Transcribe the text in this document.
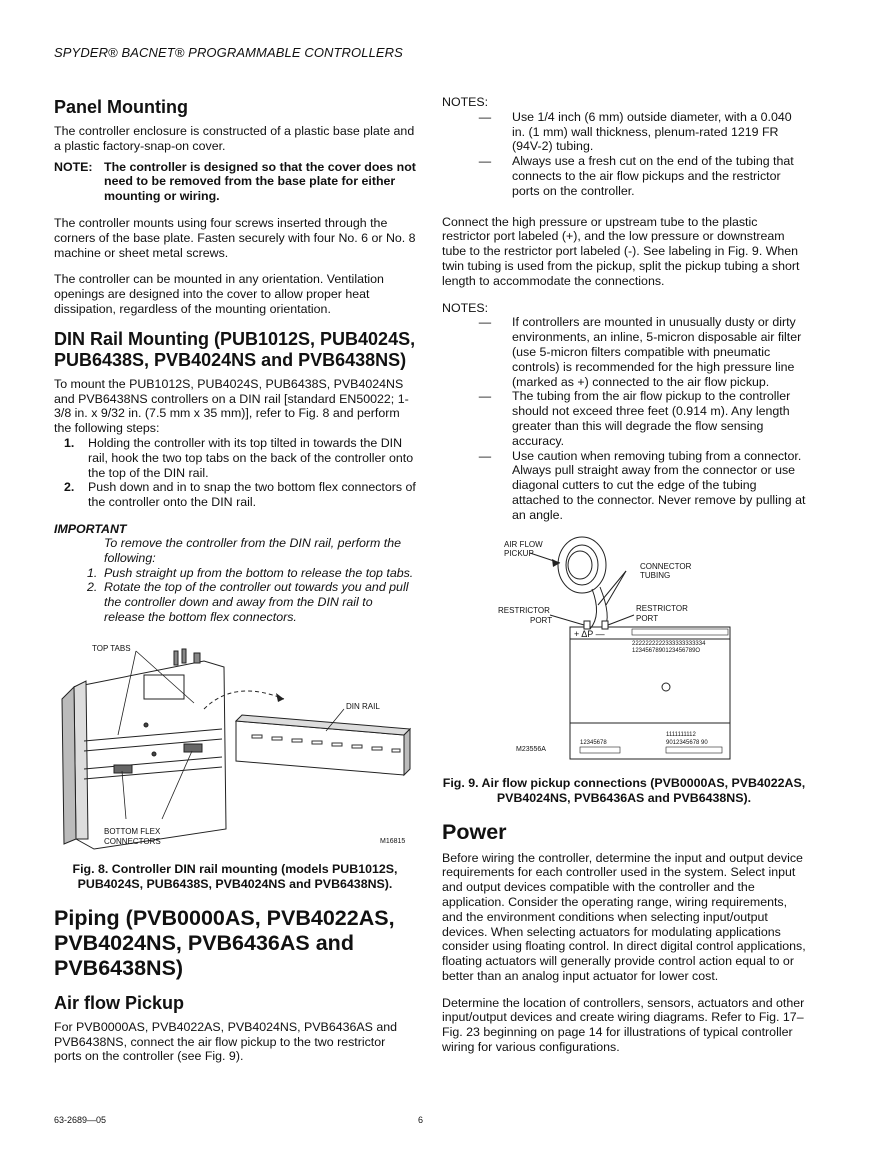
SPYDER® BACNET® PROGRAMMABLE CONTROLLERS
Panel Mounting

The controller enclosure is constructed of a plastic base plate and a plastic factory-snap-on cover.

NOTE: The controller is designed so that the cover does not need to be removed from the base plate for either mounting or wiring.

The controller mounts using four screws inserted through the corners of the base plate. Fasten securely with four No. 6 or No. 8 machine or sheet metal screws.

The controller can be mounted in any orientation. Ventilation openings are designed into the cover to allow proper heat dissipation, regardless of the mounting orientation.

DIN Rail Mounting (PUB1012S, PUB4024S, PUB6438S, PVB4024NS and PVB6438NS)

To mount the PUB1012S, PUB4024S, PUB6438S, PVB4024NS and PVB6438NS controllers on a DIN rail [standard EN50022; 1-3/8 in. x 9/32 in. (7.5 mm x 35 mm)], refer to Fig. 8 and perform the following steps:

1.	Holding the controller with its top tilted in towards the DIN rail, hook the two top tabs on the back of the controller onto the top of the DIN rail.
2.	Push down and in to snap the two bottom flex connectors of the controller onto the DIN rail.
IMPORTANT
To remove the controller from the DIN rail, perform the following:
1. Push straight up from the bottom to release the top tabs.
2. Rotate the top of the controller out towards you and pull the controller down and away from the DIN rail to release the bottom flex connectors.
TOP TABS
DIN RAIL
BOTTOM FLEX
CONNECTORS	M16815
Fig. 8. Controller DIN rail mounting (models PUB1012S, PUB4024S, PUB6438S, PVB4024NS and PVB6438NS).
Piping (PVB0000AS, PVB4022AS, PVB4024NS, PVB6436AS and PVB6438NS)
Air flow Pickup

For PVB0000AS, PVB4022AS, PVB4024NS, PVB6436AS and PVB6438NS, connect the air flow pickup to the two restrictor ports on the controller (see Fig. 9).

NOTES:
—	Use 1/4 inch (6 mm) outside diameter, with a 0.040 in. (1 mm) wall thickness, plenum-rated 1219 FR (94V-2) tubing.
—	Always use a fresh cut on the end of the tubing that connects to the air flow pickups and the restrictor ports on the controller.

Connect the high pressure or upstream tube to the plastic restrictor port labeled (+), and the low pressure or downstream tube to the restrictor port labeled (-). See labeling in Fig. 9. When twin tubing is used from the pickup, split the pickup tubing a short length to accommodate the connections.

NOTES:
—	If controllers are mounted in unusually dusty or dirty environments, an inline, 5-micron disposable air filter (use 5-micron filters compatible with pneumatic controls) is recommended for the high pressure line (marked as +) connected to the air flow pickup.
—	The tubing from the air flow pickup to the controller should not exceed three feet (0.914 m). Any length greater than this will degrade the flow sensing accuracy.
—	Use caution when removing tubing from a connector. Always pull straight away from the connector or use diagonal cutters to cut the edge of the tubing attached to the connector. Never remove by pulling at an angle.
AIR FLOW
PICKUP
CONNECTOR
TUBING
RESTRICTOR
PORT
RESTRICTOR
PORT
+ ΔP —
2222222222333333333334
1234567890123456789O
12345678
1111111112
9012345678 90
M23556A
Fig. 9. Air flow pickup connections (PVB0000AS, PVB4022AS, PVB4024NS, PVB6436AS and PVB6438NS).
Power

Before wiring the controller, determine the input and output device requirements for each controller used in the system. Select input and output devices compatible with the controller and the application. Consider the operating range, wiring requirements, and the environment conditions when selecting input/output devices. When selecting actuators for modulating applications consider using floating control. In direct digital control applications, floating actuators will generally provide control action equal to or better than an analog input actuator for lower cost.

Determine the location of controllers, sensors, actuators and other input/output devices and create wiring diagrams. Refer to Fig. 17–Fig. 23 beginning on page 14 for illustrations of typical controller wiring for various configurations.

63-2689—05	6
